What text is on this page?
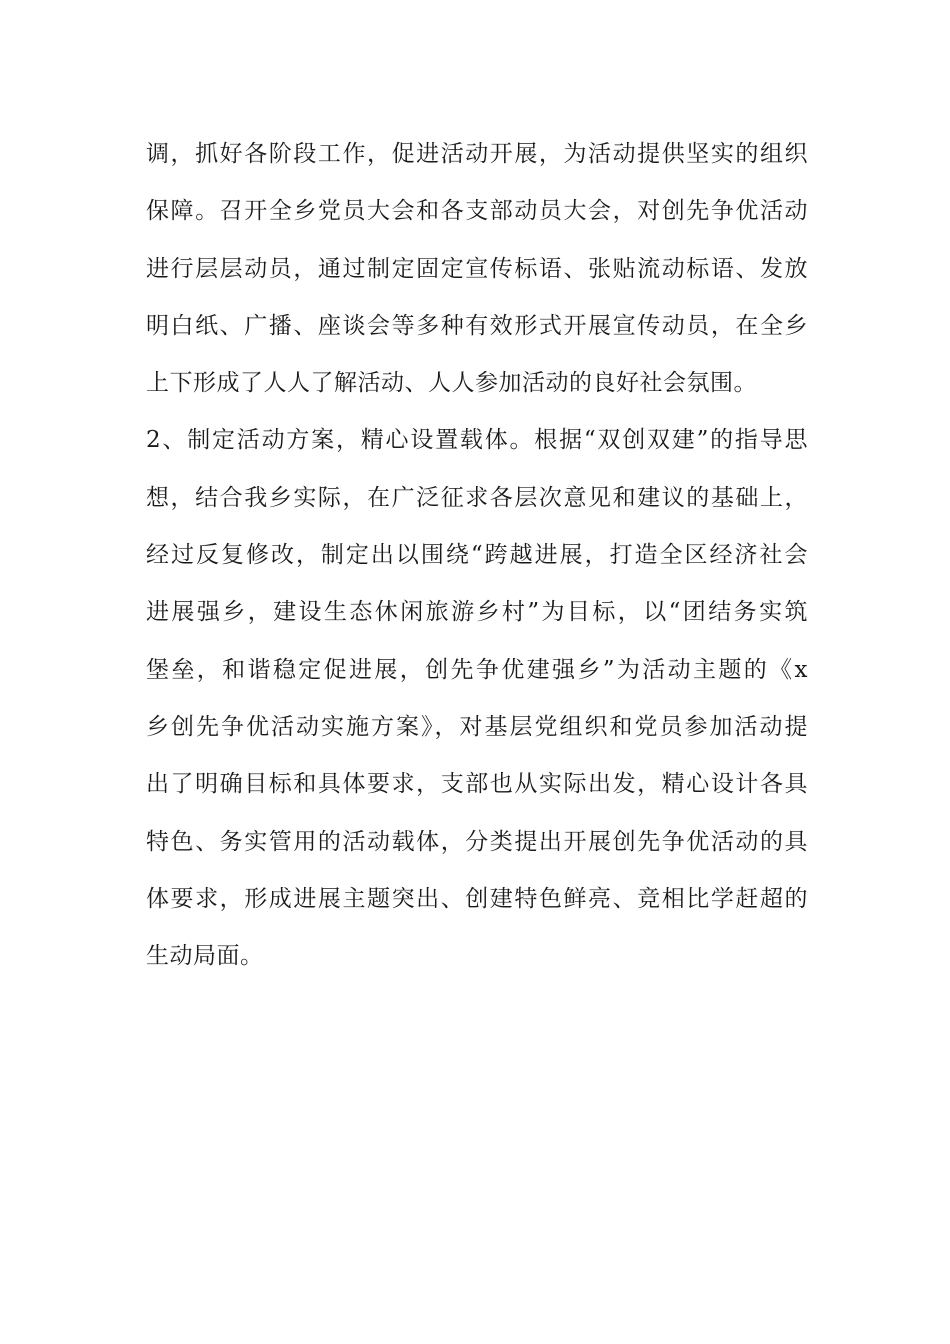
调，抓好各阶段工作，促进活动开展，为活动提供坚实的组织
保障。召开全乡党员大会和各支部动员大会，对创先争优活动
进行层层动员，通过制定固定宣传标语、张贴流动标语、发放
明白纸、广播、座谈会等多种有效形式开展宣传动员，在全乡
上下形成了人人了解活动、人人参加活动的良好社会氛围。
2、制定活动方案，精心设置载体。根据“双创双建”的指导思
想，结合我乡实际，在广泛征求各层次意见和建议的基础上，
经过反复修改，制定出以围绕“跨越进展，打造全区经济社会
进展强乡，建设生态休闲旅游乡村”为目标，以“团结务实筑
堡垒，和谐稳定促进展，创先争优建强乡”为活动主题的《x
乡创先争优活动实施方案》，对基层党组织和党员参加活动提
出了明确目标和具体要求，支部也从实际出发，精心设计各具
特色、务实管用的活动载体，分类提出开展创先争优活动的具
体要求，形成进展主题突出、创建特色鲜亮、竞相比学赶超的
生动局面。
